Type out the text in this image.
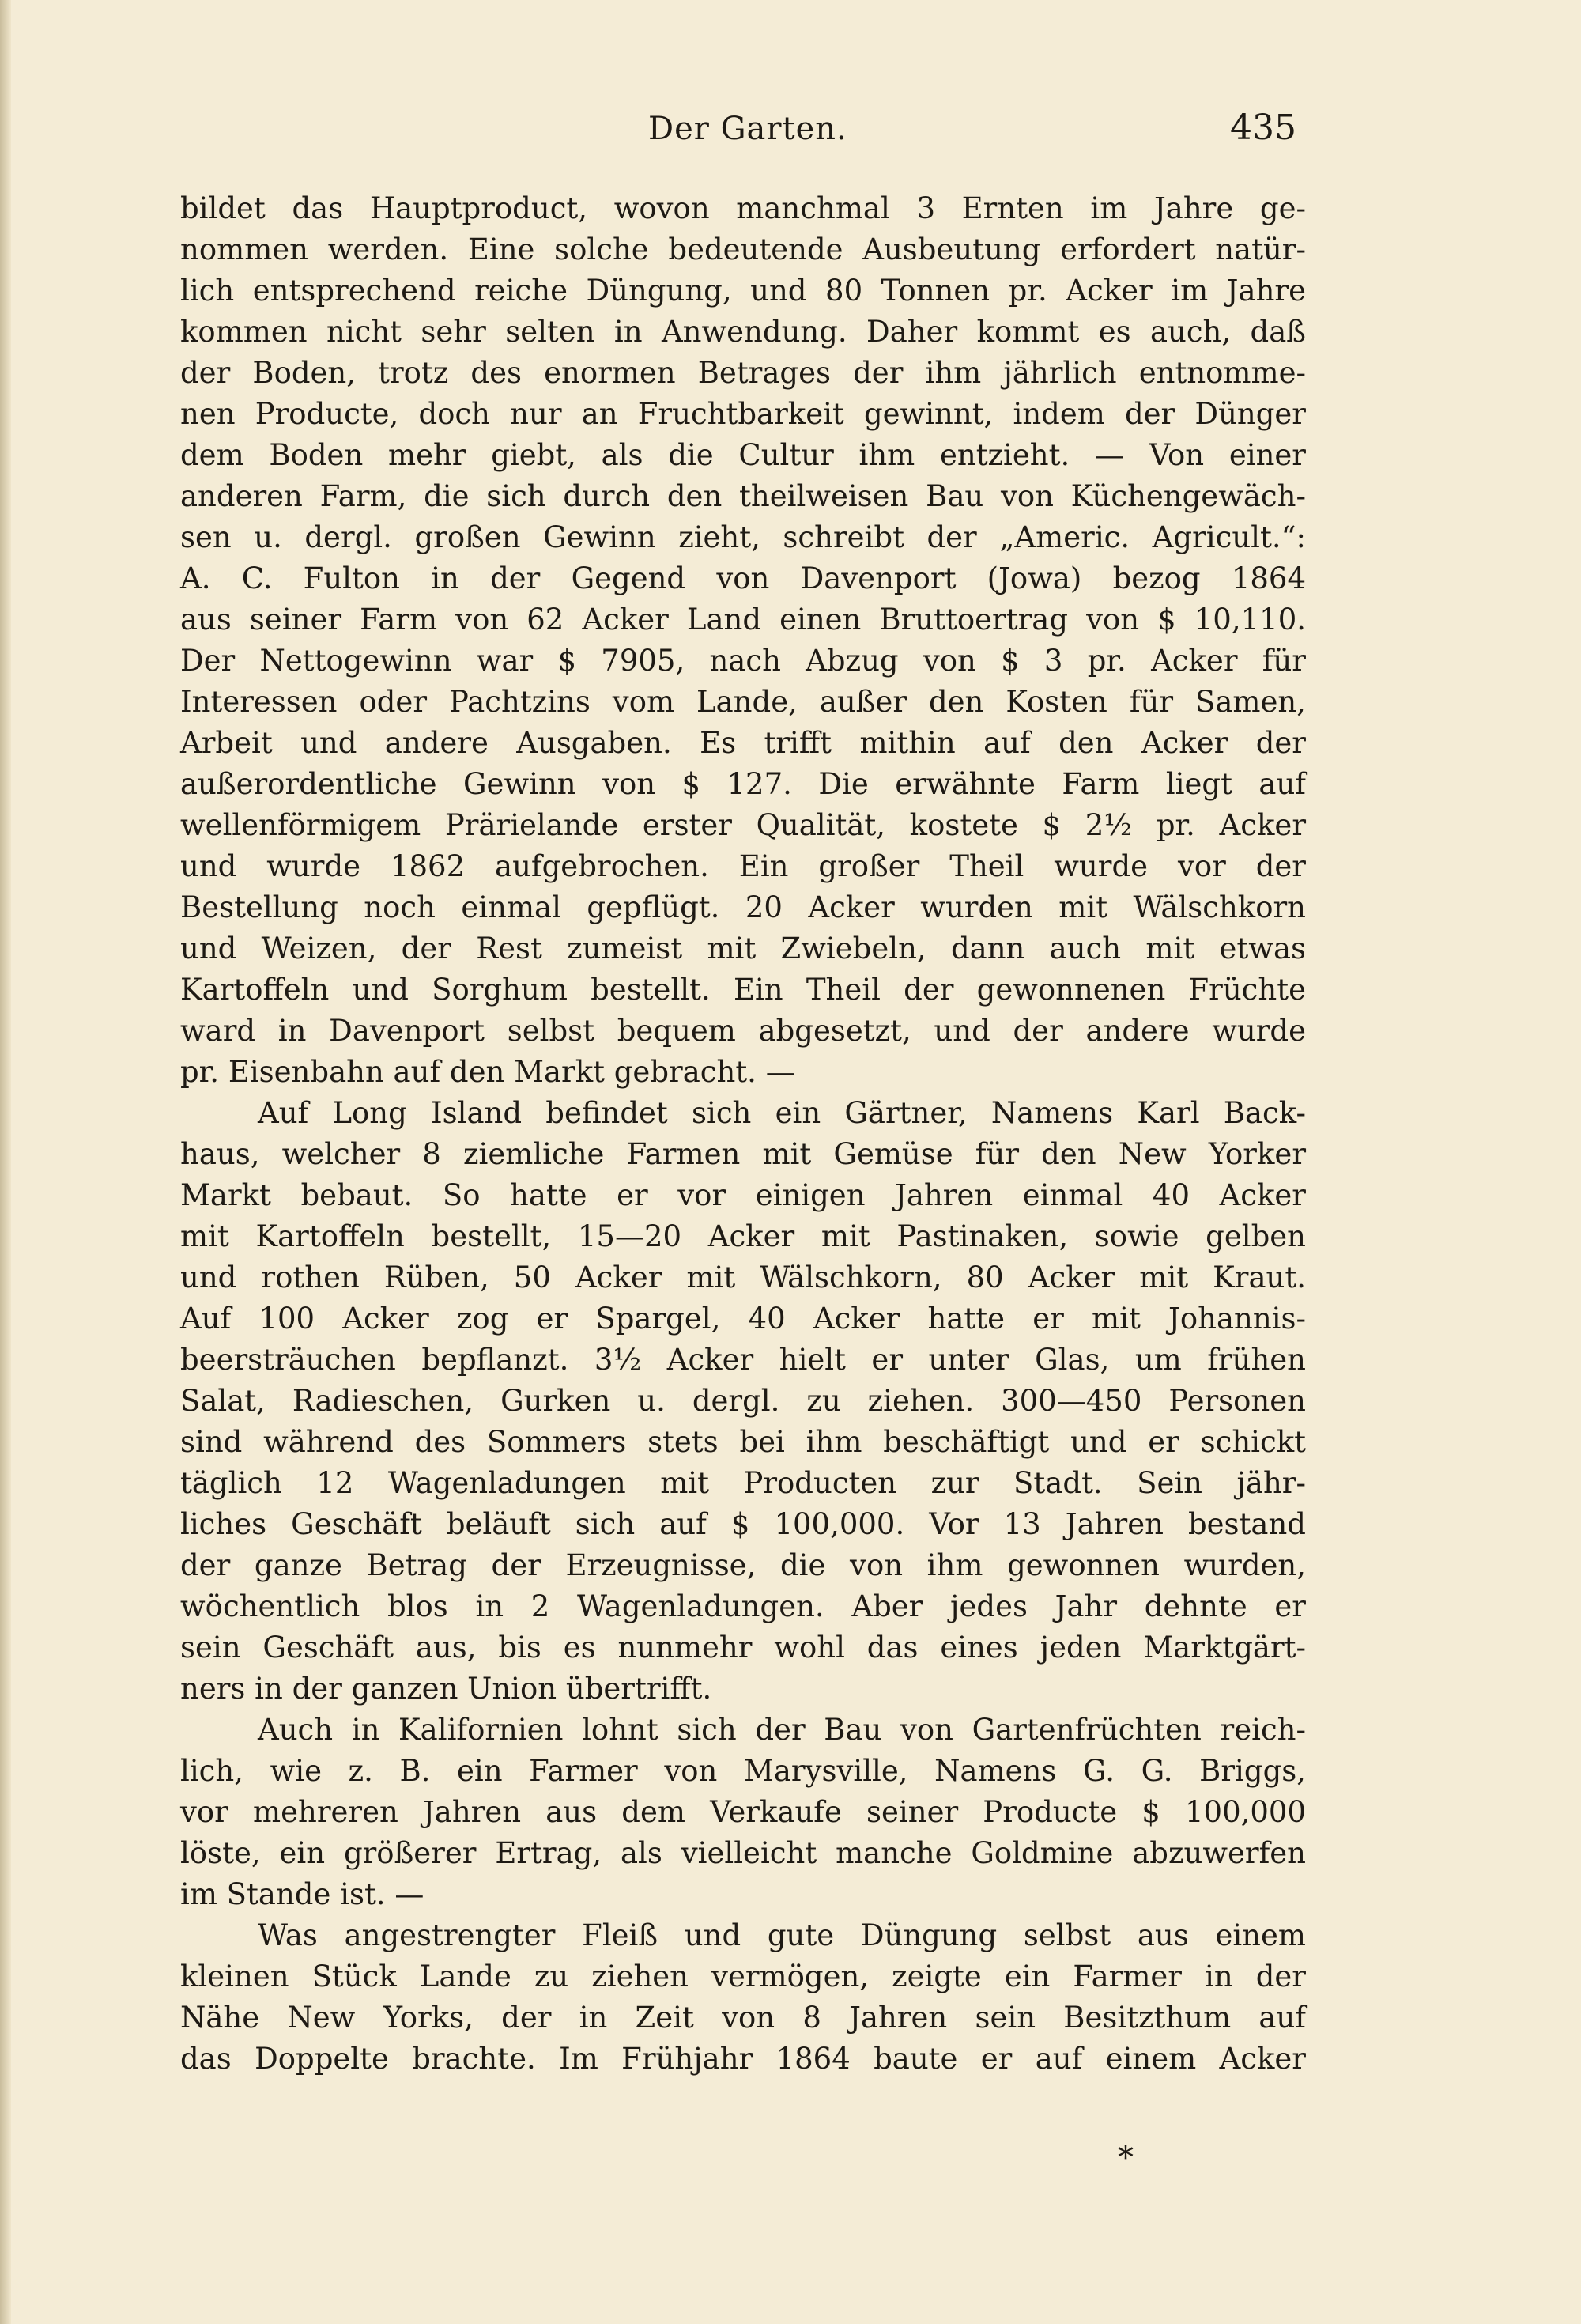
Der Garten.	435
bildet das Hauptproduct, wovon manchmal 3 Ernten im Jahre ge-
nommen werden. Eine solche bedeutende Ausbeutung erfordert natür-
lich entsprechend reiche Düngung, und 80 Tonnen pr. Acker im Jahre
kommen nicht sehr selten in Anwendung. Daher kommt es auch, daß
der Boden, trotz des enormen Betrages der ihm jährlich entnomme-
nen Producte, doch nur an Fruchtbarkeit gewinnt, indem der Dünger
dem Boden mehr giebt, als die Cultur ihm entzieht. — Von einer
anderen Farm, die sich durch den theilweisen Bau von Küchengewäch-
sen u. dergl. großen Gewinn zieht, schreibt der „Americ. Agricult.“:
A. C. Fulton in der Gegend von Davenport (Jowa) bezog 1864
aus seiner Farm von 62 Acker Land einen Bruttoertrag von $ 10,110.
Der Nettogewinn war $ 7905, nach Abzug von $ 3 pr. Acker für
Interessen oder Pachtzins vom Lande, außer den Kosten für Samen,
Arbeit und andere Ausgaben. Es trifft mithin auf den Acker der
außerordentliche Gewinn von $ 127. Die erwähnte Farm liegt auf
wellenförmigem Prärielande erster Qualität, kostete $ 2½ pr. Acker
und wurde 1862 aufgebrochen. Ein großer Theil wurde vor der
Bestellung noch einmal gepflügt. 20 Acker wurden mit Wälschkorn
und Weizen, der Rest zumeist mit Zwiebeln, dann auch mit etwas
Kartoffeln und Sorghum bestellt. Ein Theil der gewonnenen Früchte
ward in Davenport selbst bequem abgesetzt, und der andere wurde
pr. Eisenbahn auf den Markt gebracht. —
Auf Long Island befindet sich ein Gärtner, Namens Karl Back-
haus, welcher 8 ziemliche Farmen mit Gemüse für den New Yorker
Markt bebaut. So hatte er vor einigen Jahren einmal 40 Acker
mit Kartoffeln bestellt, 15—20 Acker mit Pastinaken, sowie gelben
und rothen Rüben, 50 Acker mit Wälschkorn, 80 Acker mit Kraut.
Auf 100 Acker zog er Spargel, 40 Acker hatte er mit Johannis-
beersträuchen bepflanzt. 3½ Acker hielt er unter Glas, um frühen
Salat, Radieschen, Gurken u. dergl. zu ziehen. 300—450 Personen
sind während des Sommers stets bei ihm beschäftigt und er schickt
täglich 12 Wagenladungen mit Producten zur Stadt. Sein jähr-
liches Geschäft beläuft sich auf $ 100,000. Vor 13 Jahren bestand
der ganze Betrag der Erzeugnisse, die von ihm gewonnen wurden,
wöchentlich blos in 2 Wagenladungen. Aber jedes Jahr dehnte er
sein Geschäft aus, bis es nunmehr wohl das eines jeden Marktgärt-
ners in der ganzen Union übertrifft.
Auch in Kalifornien lohnt sich der Bau von Gartenfrüchten reich-
lich, wie z. B. ein Farmer von Marysville, Namens G. G. Briggs,
vor mehreren Jahren aus dem Verkaufe seiner Producte $ 100,000
löste, ein größerer Ertrag, als vielleicht manche Goldmine abzuwerfen
im Stande ist. —
Was angestrengter Fleiß und gute Düngung selbst aus einem
kleinen Stück Lande zu ziehen vermögen, zeigte ein Farmer in der
Nähe New Yorks, der in Zeit von 8 Jahren sein Besitzthum auf
das Doppelte brachte. Im Frühjahr 1864 baute er auf einem Acker
*
